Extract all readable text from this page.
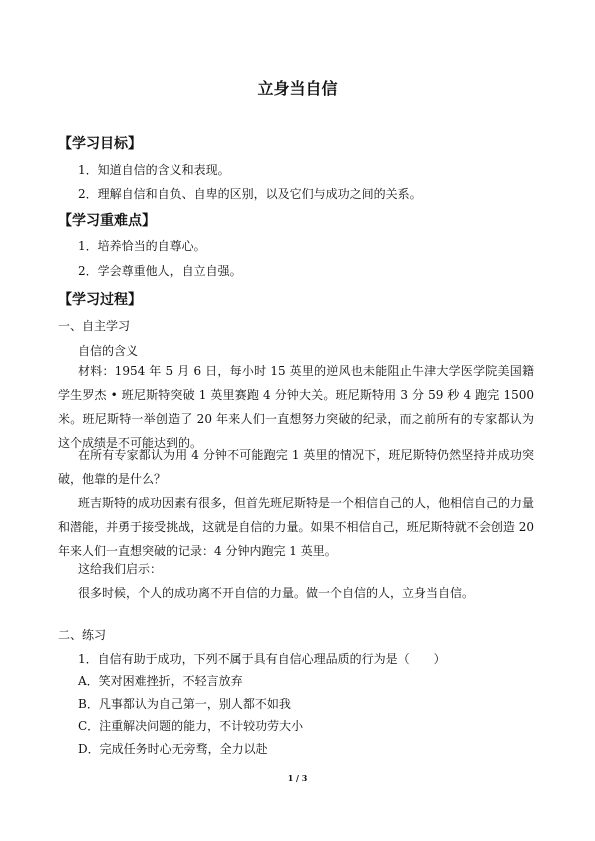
立身当自信
【学习目标】
1．知道自信的含义和表现。
2．理解自信和自负、自卑的区别，以及它们与成功之间的关系。
【学习重难点】
1．培养恰当的自尊心。
2．学会尊重他人，自立自强。
【学习过程】
一、自主学习
自信的含义
材料：1954 年 5 月 6 日，每小时 15 英里的逆风也未能阻止牛津大学医学院美国籍学生罗杰 • 班尼斯特突破 1 英里赛跑 4 分钟大关。班尼斯特用 3 分 59 秒 4 跑完 1500 米。班尼斯特一举创造了 20 年来人们一直想努力突破的纪录，而之前所有的专家都认为这个成绩是不可能达到的。
在所有专家都认为用 4 分钟不可能跑完 1 英里的情况下，班尼斯特仍然坚持并成功突破，他靠的是什么？
班吉斯特的成功因素有很多，但首先班尼斯特是一个相信自己的人，他相信自己的力量和潜能，并勇于接受挑战，这就是自信的力量。如果不相信自己，班尼斯特就不会创造 20 年来人们一直想突破的记录：4 分钟内跑完 1 英里。
这给我们启示：
很多时候，个人的成功离不开自信的力量。做一个自信的人，立身当自信。
二、练习
1．自信有助于成功，下列不属于具有自信心理品质的行为是（　　）
A．笑对困难挫折，不轻言放弃
B．凡事都认为自己第一，别人都不如我
C．注重解决问题的能力，不计较功劳大小
D．完成任务时心无旁骛，全力以赴
1 / 3
